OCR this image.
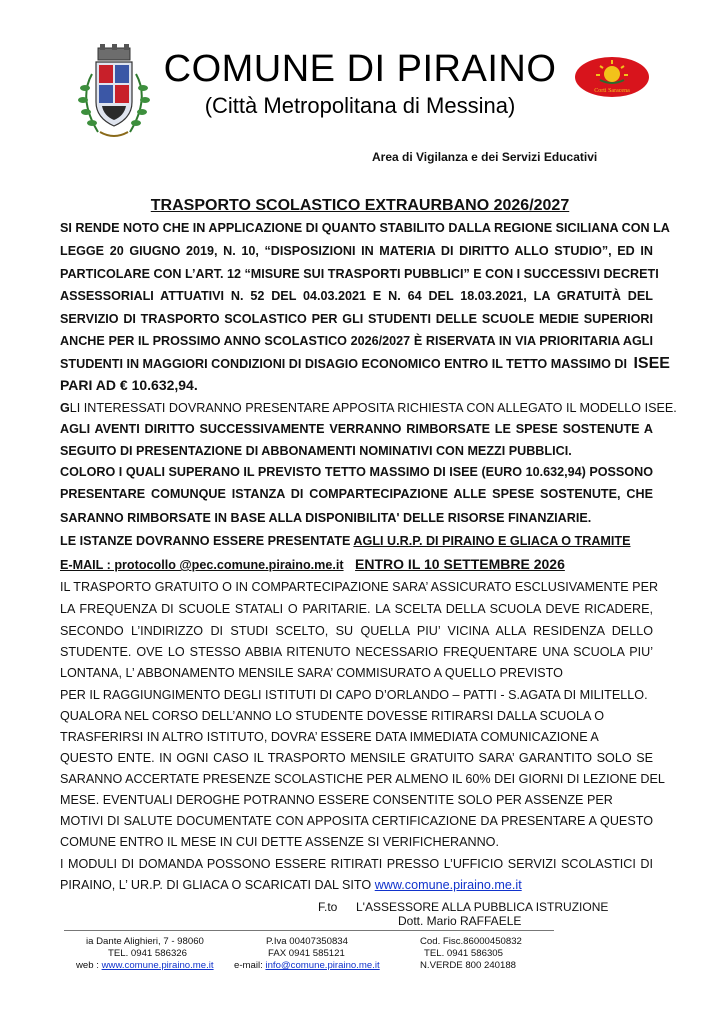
COMUNE DI PIRAINO
(Città Metropolitana di Messina)
Corti Saracena
Area di Vigilanza e dei Servizi Educativi
TRASPORTO SCOLASTICO EXTRAURBANO 2026/2027
SI RENDE NOTO CHE IN APPLICAZIONE DI QUANTO STABILITO DALLA REGIONE SICILIANA CON LA
LEGGE 20 GIUGNO 2019, N. 10, “DISPOSIZIONI IN MATERIA DI DIRITTO ALLO STUDIO”, ED IN
PARTICOLARE CON L’ART. 12 “MISURE SUI TRASPORTI PUBBLICI” E CON I SUCCESSIVI DECRETI
ASSESSORIALI ATTUATIVI N. 52 DEL 04.03.2021 E N. 64 DEL 18.03.2021, LA GRATUITÀ DEL
SERVIZIO DI TRASPORTO SCOLASTICO PER GLI STUDENTI DELLE SCUOLE MEDIE SUPERIORI
ANCHE PER IL PROSSIMO ANNO SCOLASTICO 2026/2027 È RISERVATA IN VIA PRIORITARIA AGLI
STUDENTI IN MAGGIORI CONDIZIONI DI DISAGIO ECONOMICO ENTRO IL TETTO MASSIMO DI ISEE
PARI AD € 10.632,94.
GLI INTERESSATI DOVRANNO PRESENTARE APPOSITA RICHIESTA CON ALLEGATO IL MODELLO ISEE.
AGLI AVENTI DIRITTO SUCCESSIVAMENTE VERRANNO RIMBORSATE LE SPESE SOSTENUTE A
SEGUITO DI PRESENTAZIONE DI ABBONAMENTI NOMINATIVI CON MEZZI PUBBLICI.
COLORO I QUALI SUPERANO IL PREVISTO TETTO MASSIMO DI ISEE (EURO 10.632,94) POSSONO
PRESENTARE COMUNQUE ISTANZA DI COMPARTECIPAZIONE ALLE SPESE SOSTENUTE, CHE
SARANNO RIMBORSATE IN BASE ALLA DISPONIBILITA' DELLE RISORSE FINANZIARIE.
LE ISTANZE DOVRANNO ESSERE PRESENTATE AGLI U.R.P. DI PIRAINO E GLIACA O TRAMITE
E-MAIL : protocollo @pec.comune.piraino.me.it ENTRO IL 10 SETTEMBRE 2026
IL TRASPORTO GRATUITO O IN COMPARTECIPAZIONE SARA’ ASSICURATO ESCLUSIVAMENTE PER
LA FREQUENZA DI SCUOLE STATALI O PARITARIE. LA SCELTA DELLA SCUOLA DEVE RICADERE,
SECONDO L’INDIRIZZO DI STUDI SCELTO, SU QUELLA PIU’ VICINA ALLA RESIDENZA DELLO
STUDENTE. OVE LO STESSO ABBIA RITENUTO NECESSARIO FREQUENTARE UNA SCUOLA PIU’
LONTANA, L’ ABBONAMENTO MENSILE SARA’ COMMISURATO A QUELLO PREVISTO
PER IL RAGGIUNGIMENTO DEGLI ISTITUTI DI CAPO D’ORLANDO – PATTI - S.AGATA DI MILITELLO.
QUALORA NEL CORSO DELL’ANNO LO STUDENTE DOVESSE RITIRARSI DALLA SCUOLA O
TRASFERIRSI IN ALTRO ISTITUTO, DOVRA’ ESSERE DATA IMMEDIATA COMUNICAZIONE A
QUESTO ENTE. IN OGNI CASO IL TRASPORTO MENSILE GRATUITO SARA’ GARANTITO SOLO SE
SARANNO ACCERTATE PRESENZE SCOLASTICHE PER ALMENO IL 60% DEI GIORNI DI LEZIONE DEL
MESE. EVENTUALI DEROGHE POTRANNO ESSERE CONSENTITE SOLO PER ASSENZE PER
MOTIVI DI SALUTE DOCUMENTATE CON APPOSITA CERTIFICAZIONE DA PRESENTARE A QUESTO
COMUNE ENTRO IL MESE IN CUI DETTE ASSENZE SI VERIFICHERANNO.
I MODULI DI DOMANDA POSSONO ESSERE RITIRATI PRESSO L’UFFICIO SERVIZI SCOLASTICI DI
PIRAINO, L’ UR.P. DI GLIACA O SCARICATI DAL SITO www.comune.piraino.me.it
F.to L'ASSESSORE ALLA PUBBLICA ISTRUZIONE
Dott. Mario RAFFAELE
ia Dante Alighieri, 7 - 98060
TEL. 0941 586326
web : www.comune.piraino.me.it
P.Iva 00407350834
FAX 0941 585121
e-mail: info@comune.piraino.me.it
Cod. Fisc.86000450832
TEL. 0941 586305
N.VERDE 800 240188
